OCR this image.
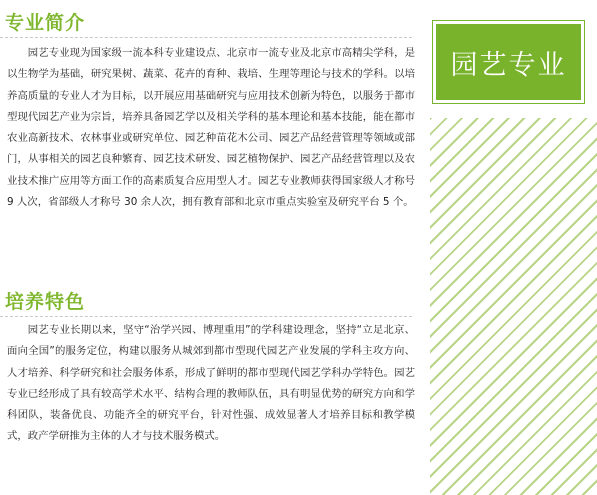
专业简介

园艺专业现为国家级一流本科专业建设点、北京市一流专业及北京市高精尖学科，是以生物学为基础，研究果树、蔬菜、花卉的育种、栽培、生理等理论与技术的学科。以培养高质量的专业人才为目标，以开展应用基础研究与应用技术创新为特色，以服务于都市型现代园艺产业为宗旨，培养具备园艺学以及相关学科的基本理论和基本技能，能在都市农业高新技术、农林事业或研究单位、园艺种苗花木公司、园艺产品经营管理等领域或部门，从事相关的园艺良种繁育、园艺技术研发、园艺植物保护、园艺产品经营管理以及农业技术推广应用等方面工作的高素质复合应用型人才。园艺专业教师获得国家级人才称号 9 人次，省部级人才称号 30 余人次，拥有教育部和北京市重点实验室及研究平台 5 个。

培养特色

园艺专业长期以来，坚守“治学兴园、博理重用”的学科建设理念，坚持“立足北京、面向全国”的服务定位，构建以服务从城郊到都市型现代园艺产业发展的学科主攻方向、人才培养、科学研究和社会服务体系，形成了鲜明的都市型现代园艺学科办学特色。园艺专业已经形成了具有较高学术水平、结构合理的教师队伍，具有明显优势的研究方向和学科团队，装备优良、功能齐全的研究平台，针对性强、成效显著人才培养目标和教学模式，政产学研推为主体的人才与技术服务模式。

园艺专业
